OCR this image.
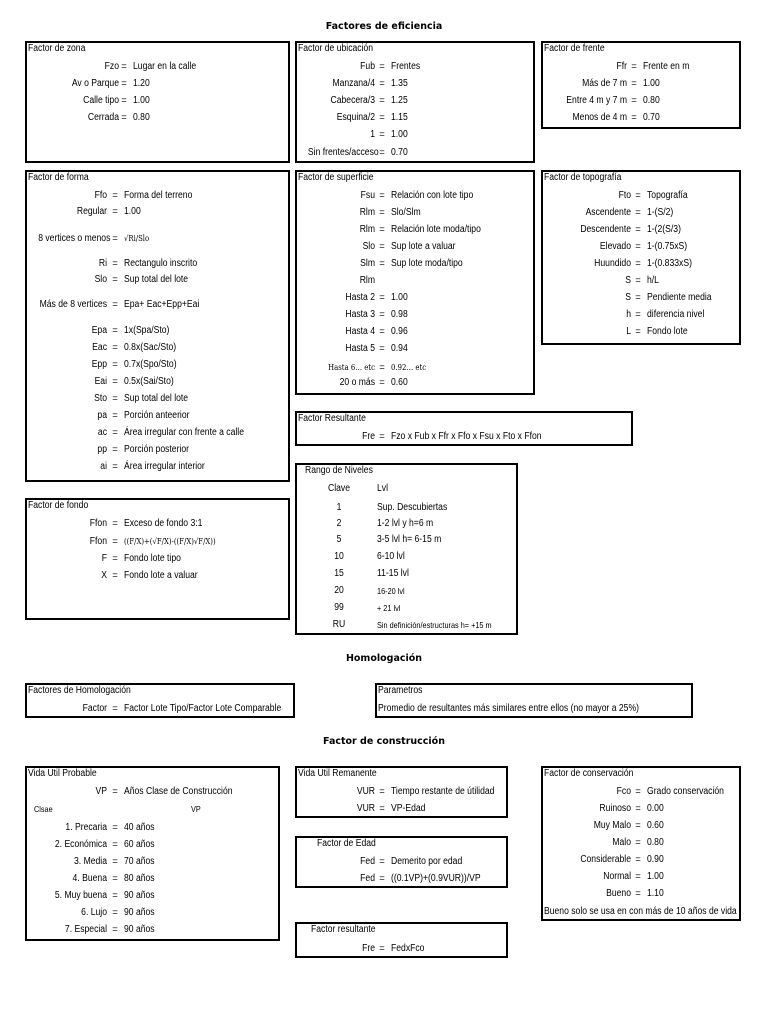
Factores de eficiencia
Homologación
Factor de construcción
Factor de zona
Fzo = Lugar en la calle
Av o Parque = 1.20
Calle tipo = 1.00
Cerrada = 0.80
Factor de ubicación
Fub = Frentes
Manzana/4 = 1.35
Cabecera/3 = 1.25
Esquina/2 = 1.15
1 = 1.00
Sin frentes/acceso = 0.70
Factor de frente
Ffr = Frente en m
Más de 7 m = 1.00
Entre 4 m y 7 m = 0.80
Menos de 4 m = 0.70
Factor de forma
Ffo = Forma del terreno
Regular = 1.00
8 vertices o menos = √Ri/Slo
Ri = Rectangulo inscrito
Slo = Sup total del lote
Más de 8 vertices = Epa+ Eac+Epp+Eai
Epa = 1x(Spa/Sto)
Eac = 0.8x(Sac/Sto)
Epp = 0.7x(Spo/Sto)
Eai = 0.5x(Sai/Sto)
Sto = Sup total del lote
pa = Porción anteerior
ac = Área irregular con frente a calle
pp = Porción posterior
ai = Área irregular interior
Factor de superficie
Fsu = Relación con lote tipo
Rlm = Slo/Slm
Rlm = Relación lote moda/tipo
Slo = Sup lote a valuar
Slm = Sup lote moda/tipo
Rlm
Hasta 2 = 1.00
Hasta 3 = 0.98
Hasta 4 = 0.96
Hasta 5 = 0.94
Hasta 6… etc = 0.92… etc
20 o más = 0.60
Factor de topografía
Fto = Topografía
Ascendente = 1-(S/2)
Descendente = 1-(2(S/3)
Elevado = 1-(0.75xS)
Huundido = 1-(0.833xS)
S = h/L
S = Pendiente media
h = diferencia nivel
L = Fondo lote
Factor Resultante
Fre = Fzo x Fub x Ffr x Ffo x Fsu x Fto x Ffon
Factor de fondo
Ffon = Exceso de fondo 3:1
Ffon = ((F/X)+(√F/X)-((F/X)√F/X))
F = Fondo lote tipo
X = Fondo lote a valuar
Rango de Niveles
Clave	Lvl
1	Sup. Descubiertas
2	1-2 lvl y h=6 m
5	3-5 lvl h= 6-15 m
10	6-10 lvl
15	11-15 lvl
20	16-20 lvl
99	+ 21 lvl
RU	Sin definición/estructuras h= +15 m
Factores de Homologación
Factor = Factor Lote Tipo/Factor Lote Comparable
Parametros
Promedio de resultantes más similares entre ellos (no mayor a 25%)
Vida Util Probable
VP = Años Clase de Construcción
Clsae	VP
1. Precaria = 40 años
2. Económica = 60 años
3. Media = 70 años
4. Buena = 80 años
5. Muy buena = 90 años
6. Lujo = 90 años
7. Especial = 90 años
Vida Util Remanente
VUR = Tiempo restante de útilidad
VUR = VP-Edad
Factor de Edad
Fed = Demerito por edad
Fed = ((0.1VP)+(0.9VUR))/VP
Factor resultante
Fre = FedxFco
Factor de conservación
Fco = Grado conservación
Ruinoso = 0.00
Muy Malo = 0.60
Malo = 0.80
Considerable = 0.90
Normal = 1.00
Bueno = 1.10
Bueno solo se usa en con más de 10 años de vida
